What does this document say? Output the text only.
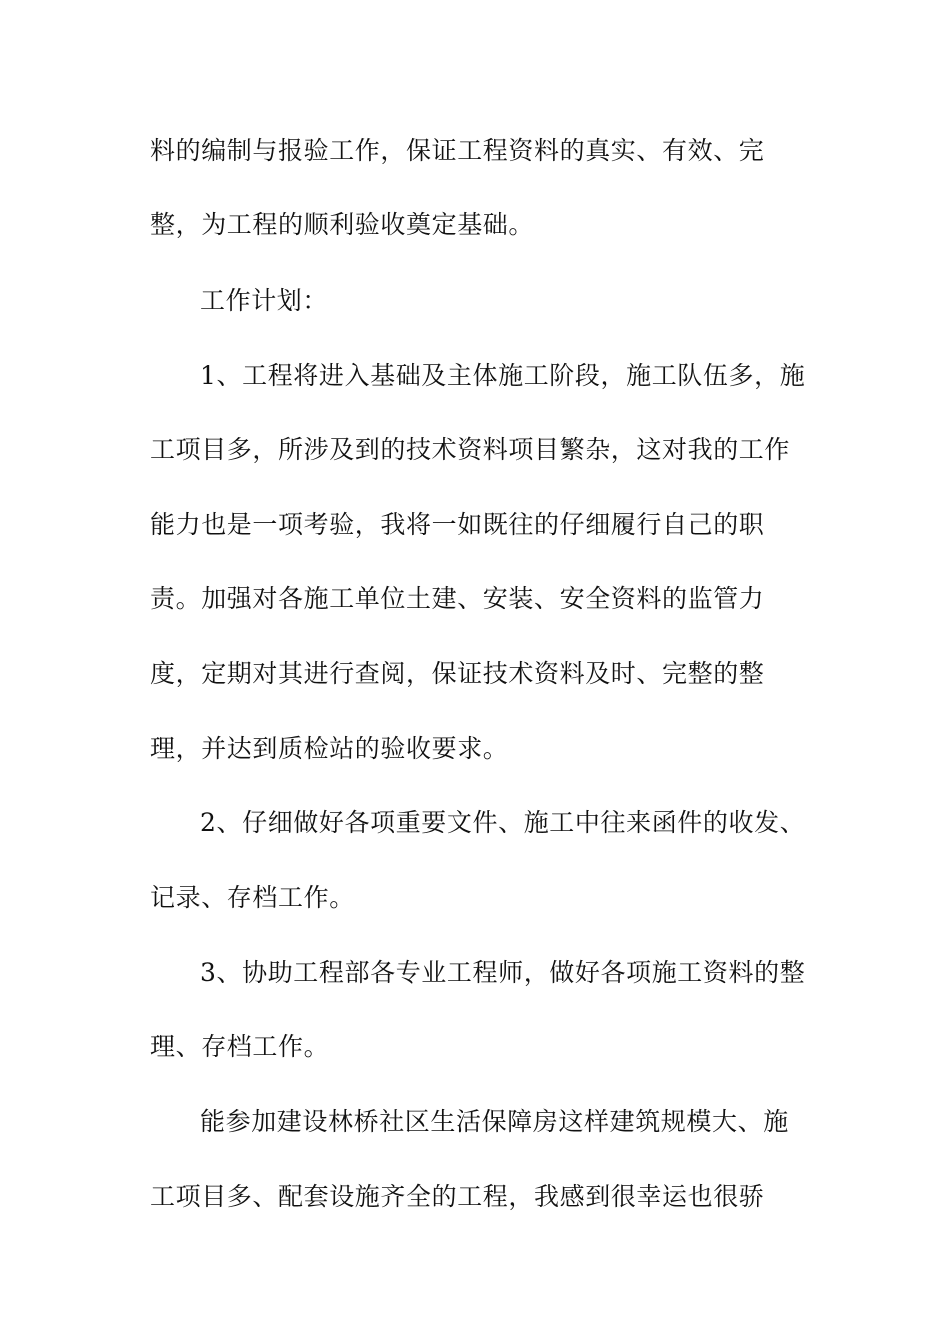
料的编制与报验工作，保证工程资料的真实、有效、完
整，为工程的顺利验收奠定基础。
工作计划：
1、工程将进入基础及主体施工阶段，施工队伍多，施
工项目多，所涉及到的技术资料项目繁杂，这对我的工作
能力也是一项考验，我将一如既往的仔细履行自己的职
责。加强对各施工单位土建、安装、安全资料的监管力
度，定期对其进行查阅，保证技术资料及时、完整的整
理，并达到质检站的验收要求。
2、仔细做好各项重要文件、施工中往来函件的收发、
记录、存档工作。
3、协助工程部各专业工程师，做好各项施工资料的整
理、存档工作。
能参加建设林桥社区生活保障房这样建筑规模大、施
工项目多、配套设施齐全的工程，我感到很幸运也很骄
